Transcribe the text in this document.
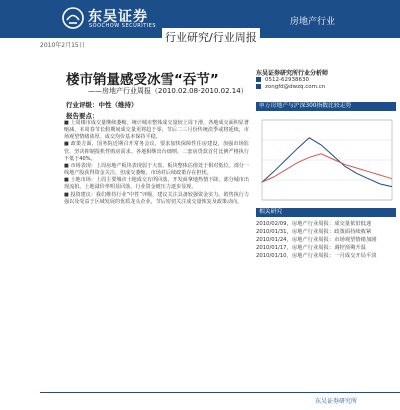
东吴证券
SOOCHOW SECURITIES	房地产行业
2010年2月15日
行业研究/行业周报
楼市销量感受冰雪“吞节”
——房地产行业周报（2010.02.08-2010.02.14）
行业评级：中性（维持）
报告要点：

■ 上周楼市成交量继续萎缩。统计城市整体成交量较上周下滑，各地成交面积显著缩减，本周春节长假期间成交量更将趋于零，节后二三月份传统淡季或将延续，市场观望情绪浓厚。成交均价基本保持平稳。

■ 政策方面，国务院近期召开常务会议，要求加快保障性住房建设，加强市场监管，坚决抑制投机性购房需求。各地相继出台细则，二套房贷款首付比例严格执行不低于40%。

■ 市场表现：上周房地产板块表现弱于大盘，板块整体估值处于相对低位。部分一线地产股获得资金关注，但成交萎缩，市场对后续政策存在担忧。

■ 土地市场：上周主要城市土地成交有所回落，开发商拿地热情下降，部分城市出现流拍，土地溢价率明显回落，行业资金链压力逐步显现。

■ 投资建议：我们维持行业“中性”评级，建议关注具备较强资金实力、销售执行力强以及受益于区域发展的优质龙头企业，节后密切关注成交量恢复及政策动向。

东吴证券研究所行业分析师
0512-62938630
zongfd@dwzq.com.cn
申万房地产与沪深300指数比较走势
相关研究

2010/02/09，房地产行业周报：成交量依旧低迷

2010/01/31，房地产行业周报：政策面持续收紧

2010/01/24，房地产行业周报：市场观望情绪加剧

2010/01/17，房地产行业周报：调控预期升温

2010/01/10，房地产行业周报：一月成交开局平淡

东吴证券研究所
